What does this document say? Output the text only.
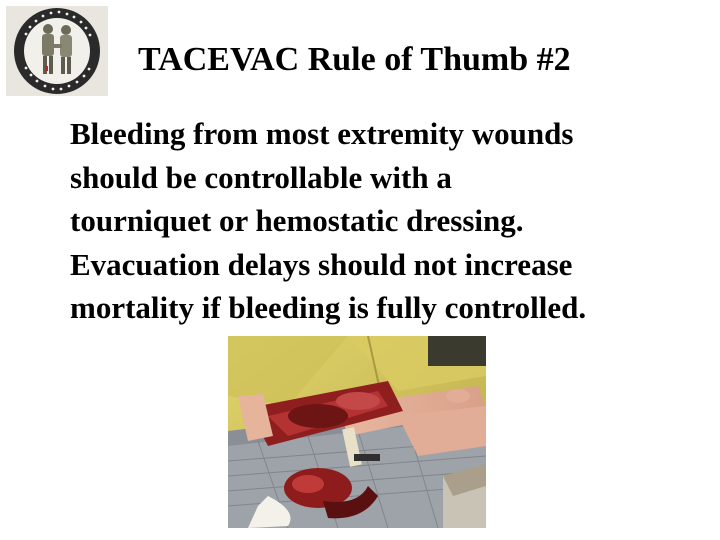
TACEVAC Rule of Thumb #2
Bleeding from most extremity wounds
should be controllable with a
tourniquet or hemostatic dressing.
Evacuation delays should not increase
mortality if bleeding is fully controlled.
